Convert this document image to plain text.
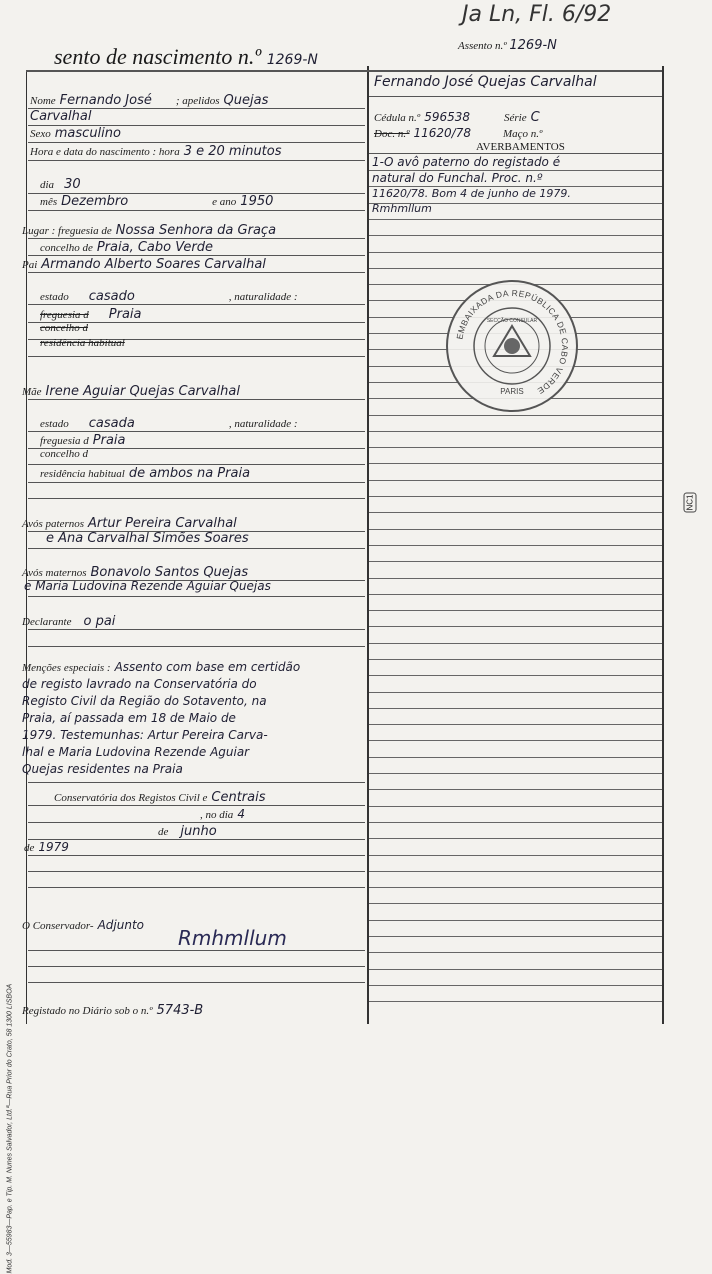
Ja Ln, Fl. 6/92
sento de nascimento n.º 1269-N
Assento n.º 1269-N
Nome Fernando José ; apelidos Quejas
Carvalhal
Sexo masculino
Hora e data do nascimento : hora 3 e 20 minutos
dia 30
mês Dezembro	e ano 1950
Lugar : freguesia de Nossa Senhora da Graça
concelho de Praia, Cabo Verde
Pai Armando Alberto Soares Carvalhal
estado casado	, naturalidade :
freguesia d Praia
concelho d
residência habitual
Mãe Irene Aguiar Quejas Carvalhal
estado casada	, naturalidade :
freguesia d Praia
concelho d
residência habitual de ambos na Praia
Avós paternos Artur Pereira Carvalhal
e Ana Carvalhal Simões Soares
Avós maternos Bonavolo Santos Quejas
e Maria Ludovina Rezende Aguiar Quejas
Declarante o pai
Menções especiais : Assento com base em certidão
de registo lavrado na Conservatória do
Registo Civil da Região do Sotavento, na
Praia, aí passada em 18 de Maio de
1979. Testemunhas: Artur Pereira Carva-
lhal e Maria Ludovina Rezende Aguiar
Quejas residentes na Praia
Conservatória dos Registos Civil e Centrais
, no dia 4
de junho
de 1979
O Conservador- Adjunto
Rmhmllum
Registado no Diário sob o n.º 5743-B
Mod. 3—55983—Pap. e Tip. M. Nunes Salvador, Ltd.ª—Rua Prior do Crato, 58 1300 LISBOA
Fernando José Quejas Carvalhal
Cédula n.º 596538	Série C
Doc. n.º 11620/78	Maço n.º
AVERBAMENTOS
1-O avô paterno do registado é
natural do Funchal. Proc. n.º
11620/78. Bom 4 de junho de 1979.
Rmhmllum
EMBAIXADA DA REPÚBLICA DE CABO VERDE
PARIS
SECÇÃO CONSULAR
NC1
